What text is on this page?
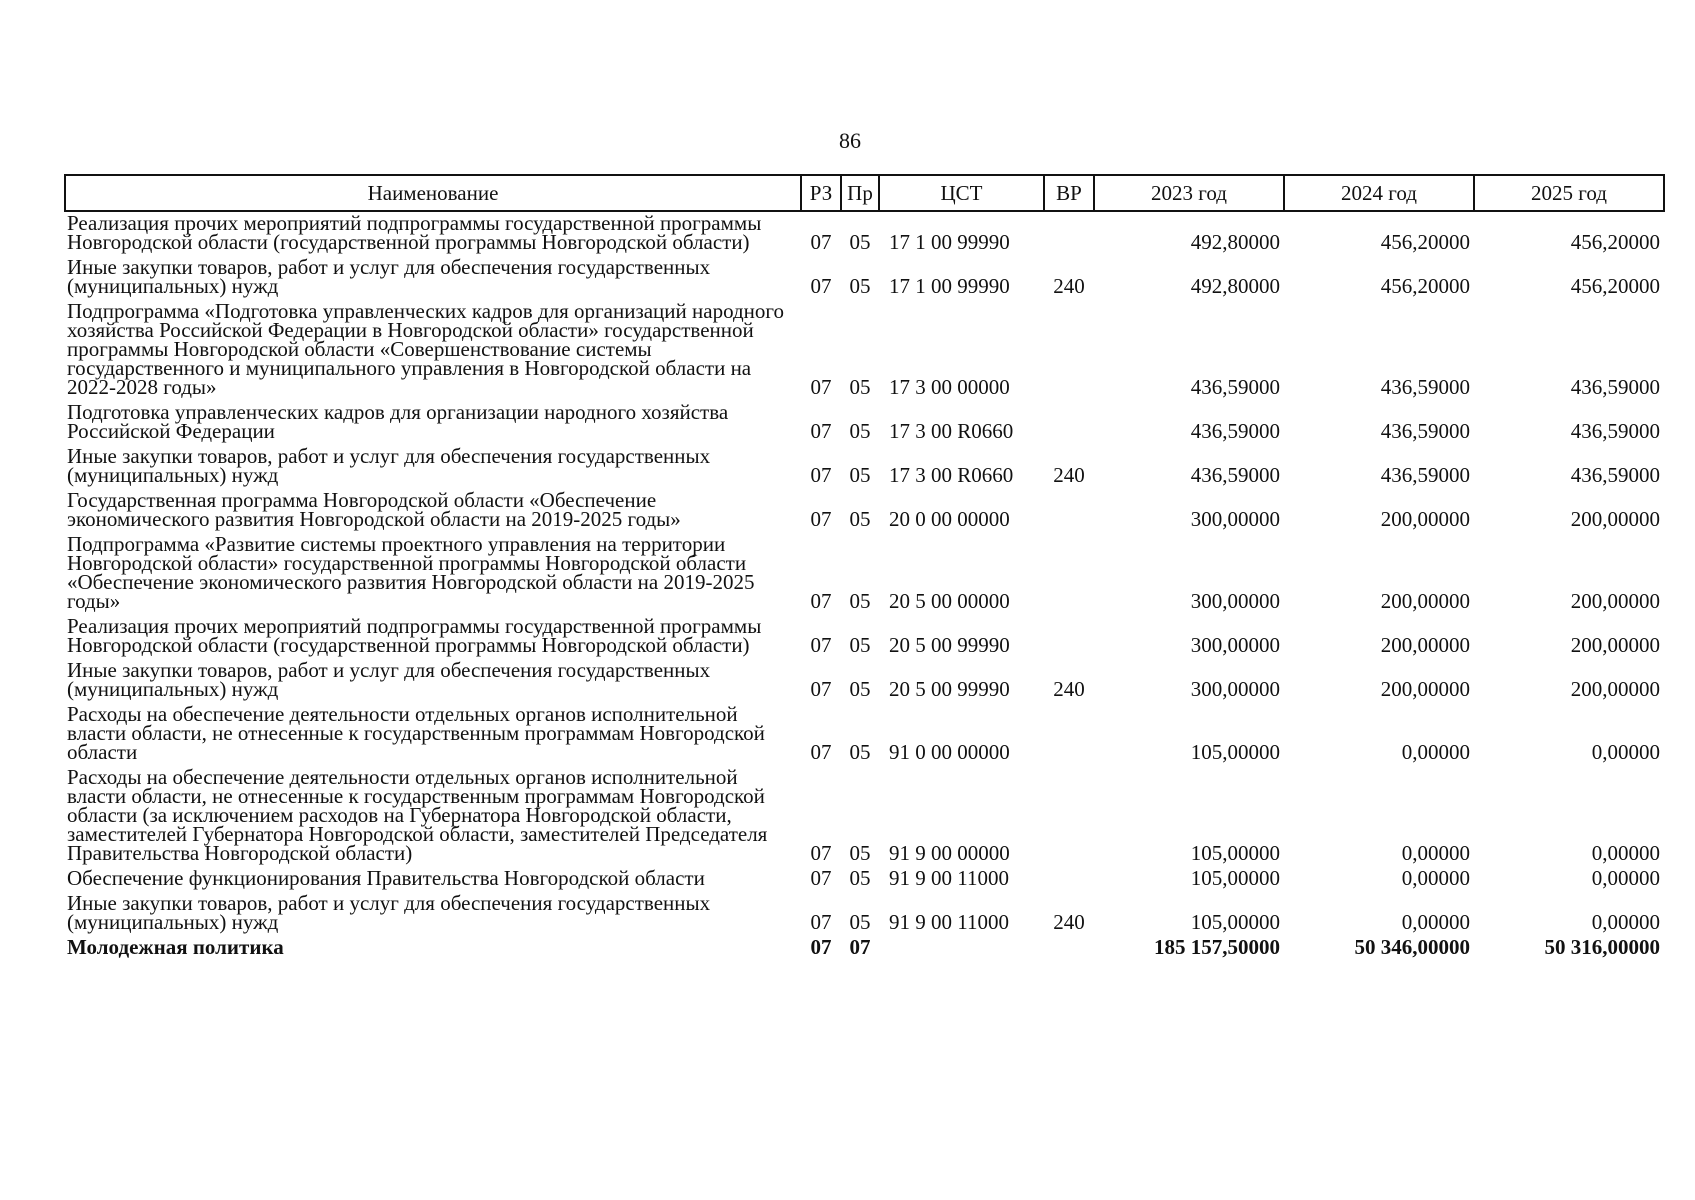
86
Наименование	РЗ	Пр	ЦСТ	ВР	2023 год	2024 год	2025 год
Реализация прочих мероприятий подпрограммы государственной программы Новгородской области (государственной программы Новгородской области)	07	05	17 1 00 99990		492,80000	456,20000	456,20000
Иные закупки товаров, работ и услуг для обеспечения государственных (муниципальных) нужд	07	05	17 1 00 99990	240	492,80000	456,20000	456,20000
Подпрограмма «Подготовка управленческих кадров для организаций народного хозяйства Российской Федерации в Новгородской области» государственной программы Новгородской области «Совершенствование системы государственного и муниципального управления в Новгородской области на 2022-2028 годы»	07	05	17 3 00 00000		436,59000	436,59000	436,59000
Подготовка управленческих кадров для организации народного хозяйства Российской Федерации	07	05	17 3 00 R0660		436,59000	436,59000	436,59000
Иные закупки товаров, работ и услуг для обеспечения государственных (муниципальных) нужд	07	05	17 3 00 R0660	240	436,59000	436,59000	436,59000
Государственная программа Новгородской области «Обеспечение экономического развития Новгородской области на 2019-2025 годы»	07	05	20 0 00 00000		300,00000	200,00000	200,00000
Подпрограмма «Развитие системы проектного управления на территории Новгородской области» государственной программы Новгородской области «Обеспечение экономического развития Новгородской области на 2019-2025 годы»	07	05	20 5 00 00000		300,00000	200,00000	200,00000
Реализация прочих мероприятий подпрограммы государственной программы Новгородской области (государственной программы Новгородской области)	07	05	20 5 00 99990		300,00000	200,00000	200,00000
Иные закупки товаров, работ и услуг для обеспечения государственных (муниципальных) нужд	07	05	20 5 00 99990	240	300,00000	200,00000	200,00000
Расходы на обеспечение деятельности отдельных органов исполнительной власти области, не отнесенные к государственным программам Новгородской области	07	05	91 0 00 00000		105,00000	0,00000	0,00000
Расходы на обеспечение деятельности отдельных органов исполнительной власти области, не отнесенные к государственным программам Новгородской области (за исключением расходов на Губернатора Новгородской области, заместителей Губернатора Новгородской области, заместителей Председателя Правительства Новгородской области)	07	05	91 9 00 00000		105,00000	0,00000	0,00000
Обеспечение функционирования Правительства Новгородской области	07	05	91 9 00 11000		105,00000	0,00000	0,00000
Иные закупки товаров, работ и услуг для обеспечения государственных (муниципальных) нужд	07	05	91 9 00 11000	240	105,00000	0,00000	0,00000
Молодежная политика	07	07			185 157,50000	50 346,00000	50 316,00000
